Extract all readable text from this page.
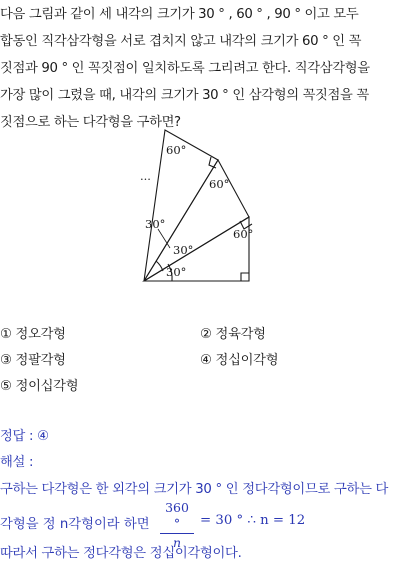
다음 그림과 같이 세 내각의 크기가 30 ° , 60 ° , 90 ° 이고 모두
합동인 직각삼각형을 서로 겹치지 않고 내각의 크기가 60 ° 인 꼭
짓점과 90 ° 인 꼭짓점이 일치하도록 그리려고 한다. 직각삼각형을
가장 많이 그렸을 때, 내각의 크기가 30 ° 인 삼각형의 꼭짓점을 꼭
짓점으로 하는 다각형을 구하면?
···
60°
60°
60°
30°
30°
30°
① 정오각형	② 정육각형
③ 정팔각형	④ 정십이각형
⑤ 정이십각형
정답 : ④
해설 :
구하는 다각형은 한 외각의 크기가 30 ° 인 정다각형이므로 구하는 다
각형을 정 n각형이라 하면
360 °
n
= 30 ° ∴ n = 12
따라서 구하는 정다각형은 정십이각형이다.
